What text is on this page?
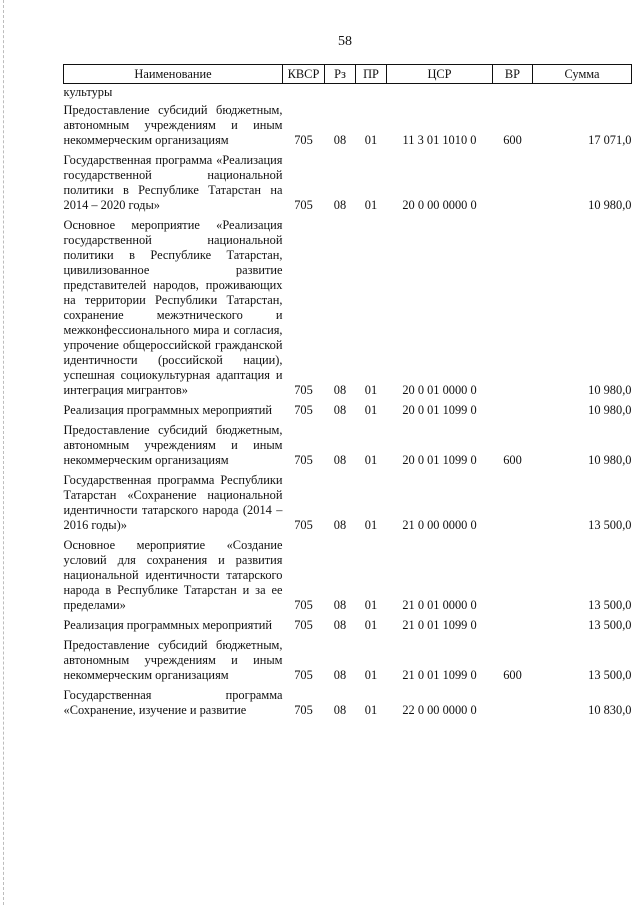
58
Наименование	КВСР	Рз	ПР	ЦСР	ВР	Сумма
культуры						
Предоставление субсидий бюджетным, автономным учреждениям и иным некоммерческим организациям	705	08	01	11 3 01 1010 0	600	17 071,0
Государственная программа «Реализация государственной национальной политики в Республике Татарстан на 2014 – 2020 годы»	705	08	01	20 0 00 0000 0		10 980,0
Основное мероприятие «Реализация государственной национальной политики в Республике Татарстан, цивилизованное развитие представителей народов, проживающих на территории Республики Татарстан, сохранение межэтнического и межконфессионального мира и согласия, упрочение общероссийской гражданской идентичности (российской нации), успешная социокультурная адаптация и интеграция мигрантов»	705	08	01	20 0 01 0000 0		10 980,0
Реализация программных мероприятий	705	08	01	20 0 01 1099 0		10 980,0
Предоставление субсидий бюджетным, автономным учреждениям и иным некоммерческим организациям	705	08	01	20 0 01 1099 0	600	10 980,0
Государственная программа Республики Татарстан «Сохранение национальной идентичности татарского народа (2014 – 2016 годы)»	705	08	01	21 0 00 0000 0		13 500,0
Основное мероприятие «Создание условий для сохранения и развития национальной идентичности татарского народа в Республике Татарстан и за ее пределами»	705	08	01	21 0 01 0000 0		13 500,0
Реализация программных мероприятий	705	08	01	21 0 01 1099 0		13 500,0
Предоставление субсидий бюджетным, автономным учреждениям и иным некоммерческим организациям	705	08	01	21 0 01 1099 0	600	13 500,0
Государственная программа «Сохранение, изучение и развитие	705	08	01	22 0 00 0000 0		10 830,0
